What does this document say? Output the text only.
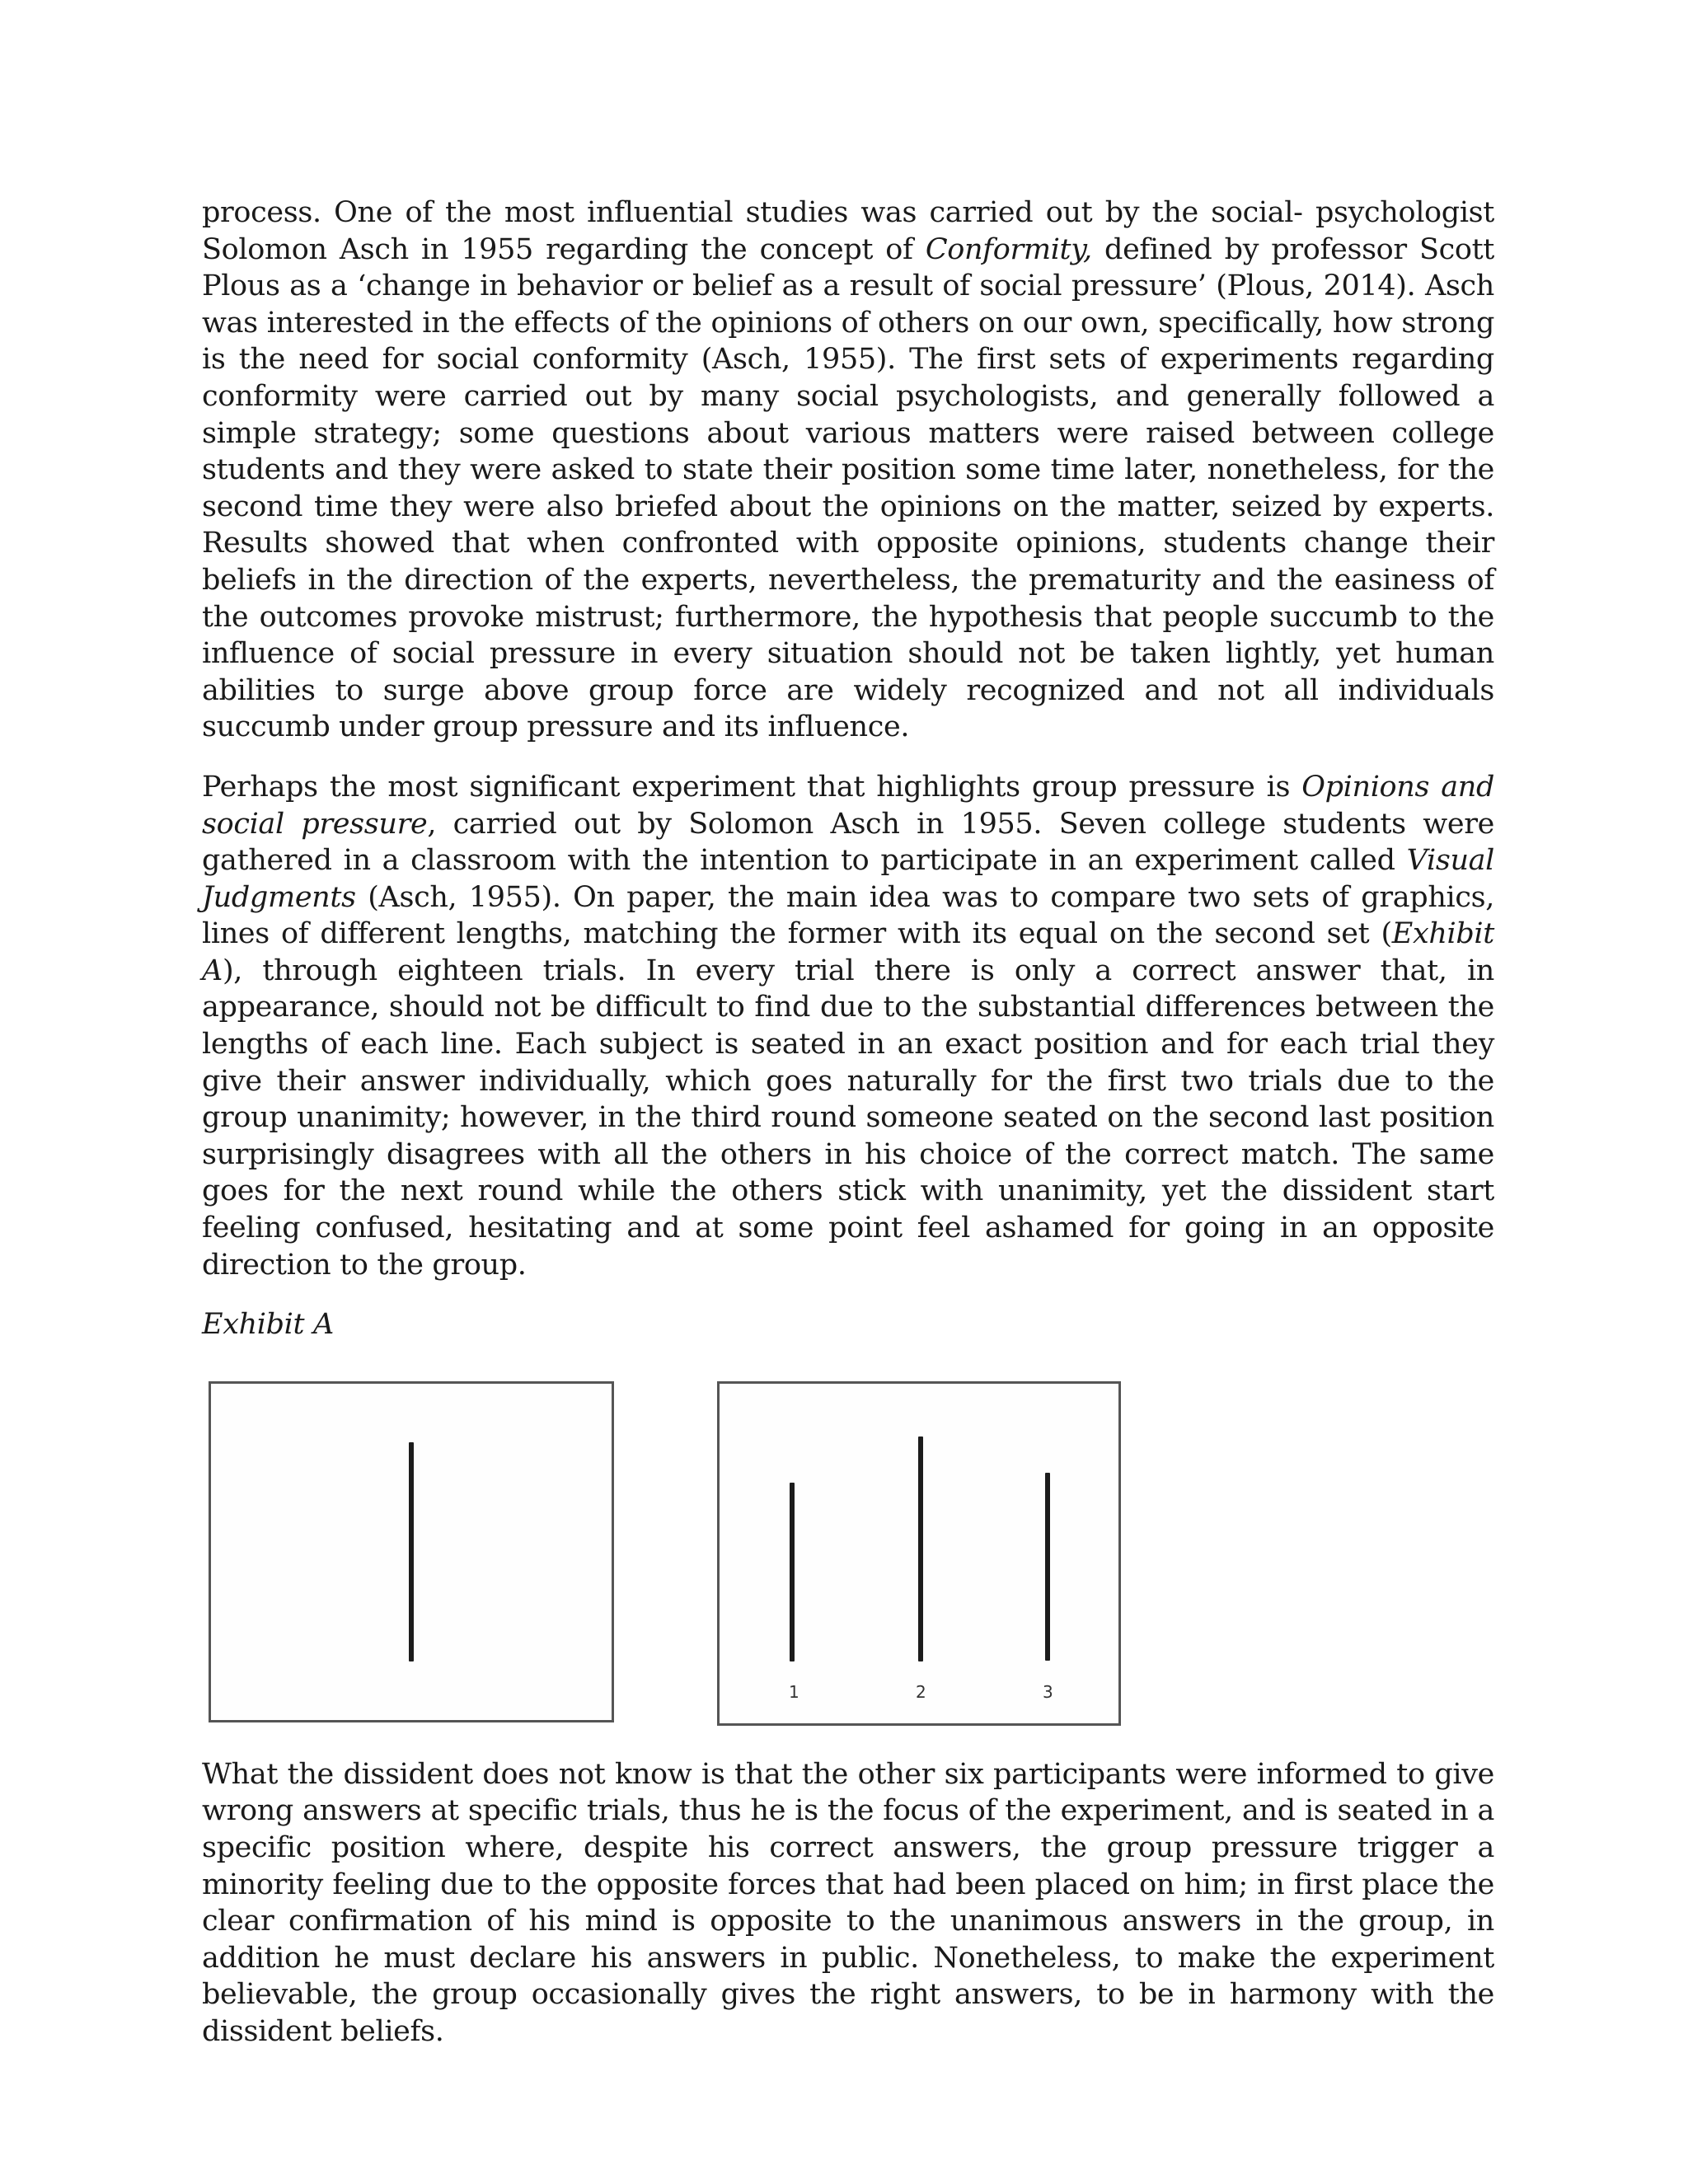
process. One of the most influential studies was carried out by the social- psychologist Solomon Asch in 1955 regarding the concept of Conformity, defined by professor Scott Plous as a ‘change in behavior or belief as a result of social pressure’ (Plous, 2014). Asch was interested in the effects of the opinions of others on our own, specifically, how strong is the need for social conformity (Asch, 1955). The first sets of experiments regarding conformity were carried out by many social psychologists, and generally followed a simple strategy; some questions about various matters were raised between college students and they were asked to state their position some time later, nonetheless, for the second time they were also briefed about the opinions on the matter, seized by experts. Results showed that when confronted with opposite opinions, students change their beliefs in the direction of the experts, nevertheless, the prematurity and the easiness of the outcomes provoke mistrust; furthermore, the hypothesis that people succumb to the influence of social pressure in every situation should not be taken lightly, yet human abilities to surge above group force are widely recognized and not all individuals succumb under group pressure and its influence.

Perhaps the most significant experiment that highlights group pressure is Opinions and social pressure, carried out by Solomon Asch in 1955. Seven college students were gathered in a classroom with the intention to participate in an experiment called Visual Judgments (Asch, 1955). On paper, the main idea was to compare two sets of graphics, lines of different lengths, matching the former with its equal on the second set (Exhibit A), through eighteen trials. In every trial there is only a correct answer that, in appearance, should not be difficult to find due to the substantial differences between the lengths of each line. Each subject is seated in an exact position and for each trial they give their answer individually, which goes naturally for the first two trials due to the group unanimity; however, in the third round someone seated on the second last position surprisingly disagrees with all the others in his choice of the correct match. The same goes for the next round while the others stick with unanimity, yet the dissident start feeling confused, hesitating and at some point feel ashamed for going in an opposite direction to the group.

Exhibit A
1	2	3

What the dissident does not know is that the other six participants were informed to give wrong answers at specific trials, thus he is the focus of the experiment, and is seated in a specific position where, despite his correct answers, the group pressure trigger a minority feeling due to the opposite forces that had been placed on him; in first place the clear confirmation of his mind is opposite to the unanimous answers in the group, in addition he must declare his answers in public. Nonetheless, to make the experiment believable, the group occasionally gives the right answers, to be in harmony with the dissident beliefs.
